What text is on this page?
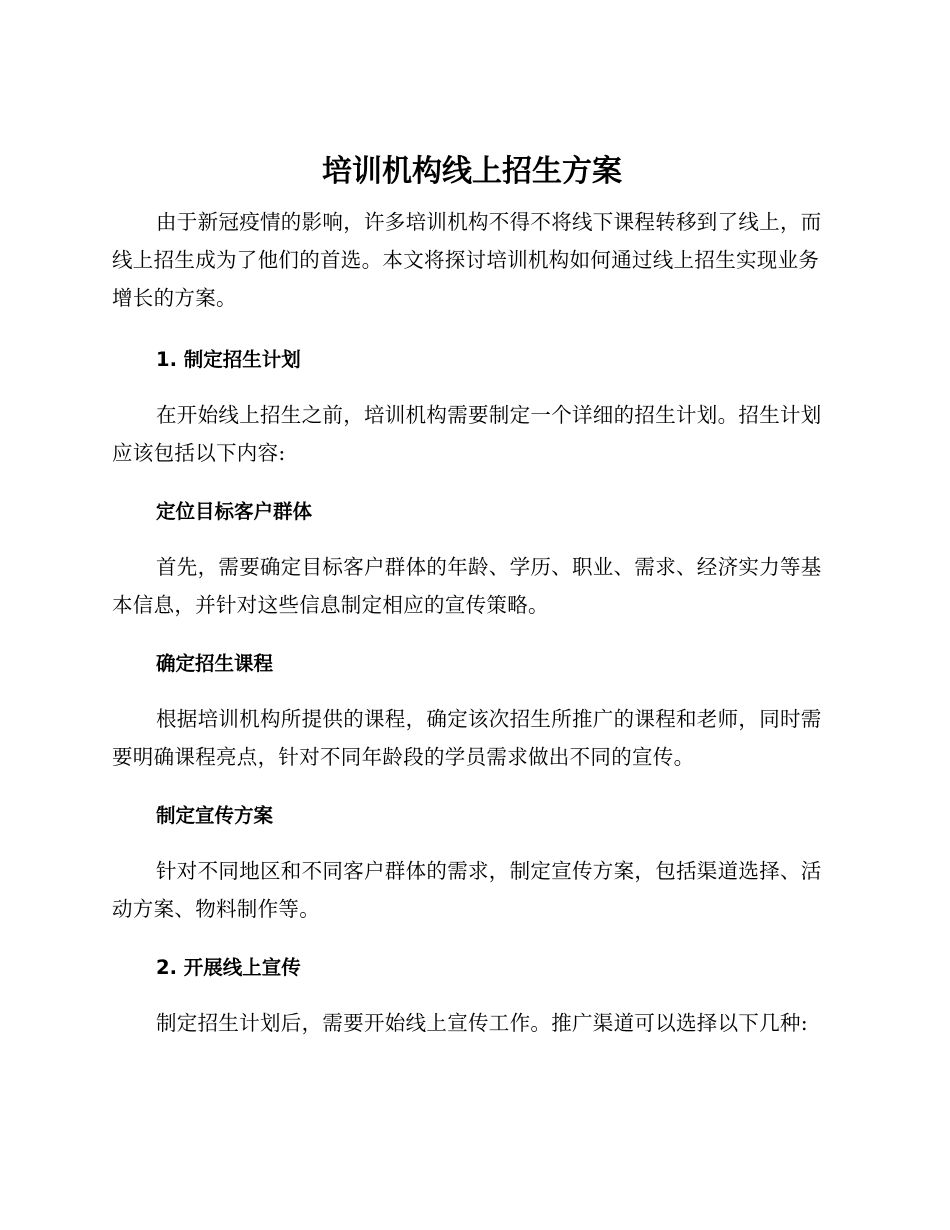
培训机构线上招生方案

由于新冠疫情的影响，许多培训机构不得不将线下课程转移到了线上，而线上招生成为了他们的首选。本文将探讨培训机构如何通过线上招生实现业务增长的方案。

1. 制定招生计划

在开始线上招生之前，培训机构需要制定一个详细的招生计划。招生计划应该包括以下内容:

定位目标客户群体

首先，需要确定目标客户群体的年龄、学历、职业、需求、经济实力等基本信息，并针对这些信息制定相应的宣传策略。

确定招生课程

根据培训机构所提供的课程，确定该次招生所推广的课程和老师，同时需要明确课程亮点，针对不同年龄段的学员需求做出不同的宣传。

制定宣传方案

针对不同地区和不同客户群体的需求，制定宣传方案，包括渠道选择、活动方案、物料制作等。

2. 开展线上宣传

制定招生计划后，需要开始线上宣传工作。推广渠道可以选择以下几种:
